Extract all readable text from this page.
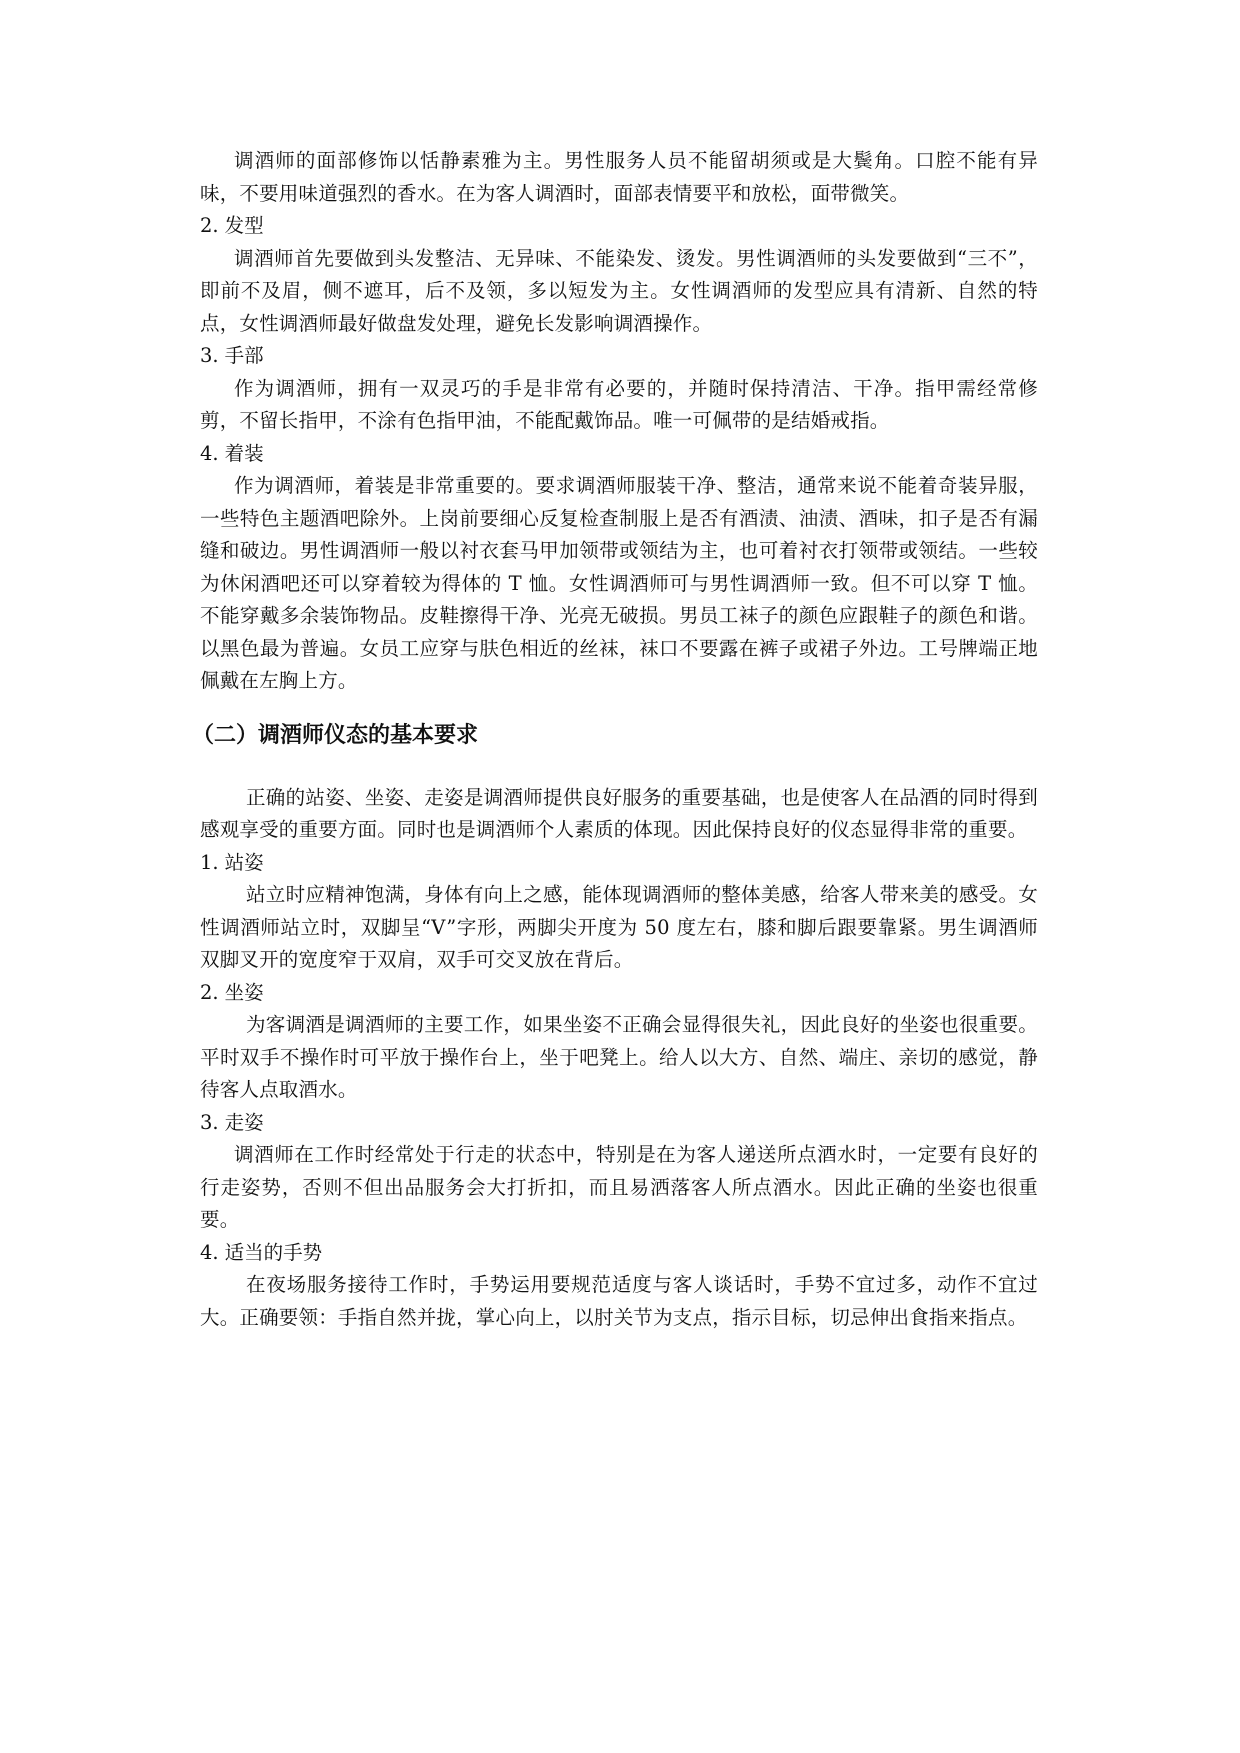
调酒师的面部修饰以恬静素雅为主。男性服务人员不能留胡须或是大鬓角。口腔不能有异味，不要用味道强烈的香水。在为客人调酒时，面部表情要平和放松，面带微笑。

2. 发型

调酒师首先要做到头发整洁、无异味、不能染发、烫发。男性调酒师的头发要做到“三不”，即前不及眉，侧不遮耳，后不及领，多以短发为主。女性调酒师的发型应具有清新、自然的特点，女性调酒师最好做盘发处理，避免长发影响调酒操作。

3. 手部

作为调酒师，拥有一双灵巧的手是非常有必要的，并随时保持清洁、干净。指甲需经常修剪，不留长指甲，不涂有色指甲油，不能配戴饰品。唯一可佩带的是结婚戒指。

4. 着装

作为调酒师，着装是非常重要的。要求调酒师服装干净、整洁，通常来说不能着奇装异服，一些特色主题酒吧除外。上岗前要细心反复检查制服上是否有酒渍、油渍、酒味，扣子是否有漏缝和破边。男性调酒师一般以衬衣套马甲加领带或领结为主，也可着衬衣打领带或领结。一些较为休闲酒吧还可以穿着较为得体的 T 恤。女性调酒师可与男性调酒师一致。但不可以穿 T 恤。不能穿戴多余装饰物品。皮鞋擦得干净、光亮无破损。男员工袜子的颜色应跟鞋子的颜色和谐。以黑色最为普遍。女员工应穿与肤色相近的丝袜，袜口不要露在裤子或裙子外边。工号牌端正地佩戴在左胸上方。

（二）调酒师仪态的基本要求

正确的站姿、坐姿、走姿是调酒师提供良好服务的重要基础，也是使客人在品酒的同时得到感观享受的重要方面。同时也是调酒师个人素质的体现。因此保持良好的仪态显得非常的重要。

1. 站姿

站立时应精神饱满，身体有向上之感，能体现调酒师的整体美感，给客人带来美的感受。女性调酒师站立时，双脚呈“V”字形，两脚尖开度为 50 度左右，膝和脚后跟要靠紧。男生调酒师双脚叉开的宽度窄于双肩，双手可交叉放在背后。

2. 坐姿

为客调酒是调酒师的主要工作，如果坐姿不正确会显得很失礼，因此良好的坐姿也很重要。平时双手不操作时可平放于操作台上，坐于吧凳上。给人以大方、自然、端庄、亲切的感觉，静待客人点取酒水。

3. 走姿

调酒师在工作时经常处于行走的状态中，特别是在为客人递送所点酒水时，一定要有良好的行走姿势，否则不但出品服务会大打折扣，而且易洒落客人所点酒水。因此正确的坐姿也很重要。

4. 适当的手势

在夜场服务接待工作时，手势运用要规范适度与客人谈话时，手势不宜过多，动作不宜过大。正确要领：手指自然并拢，掌心向上，以肘关节为支点，指示目标，切忌伸出食指来指点。
